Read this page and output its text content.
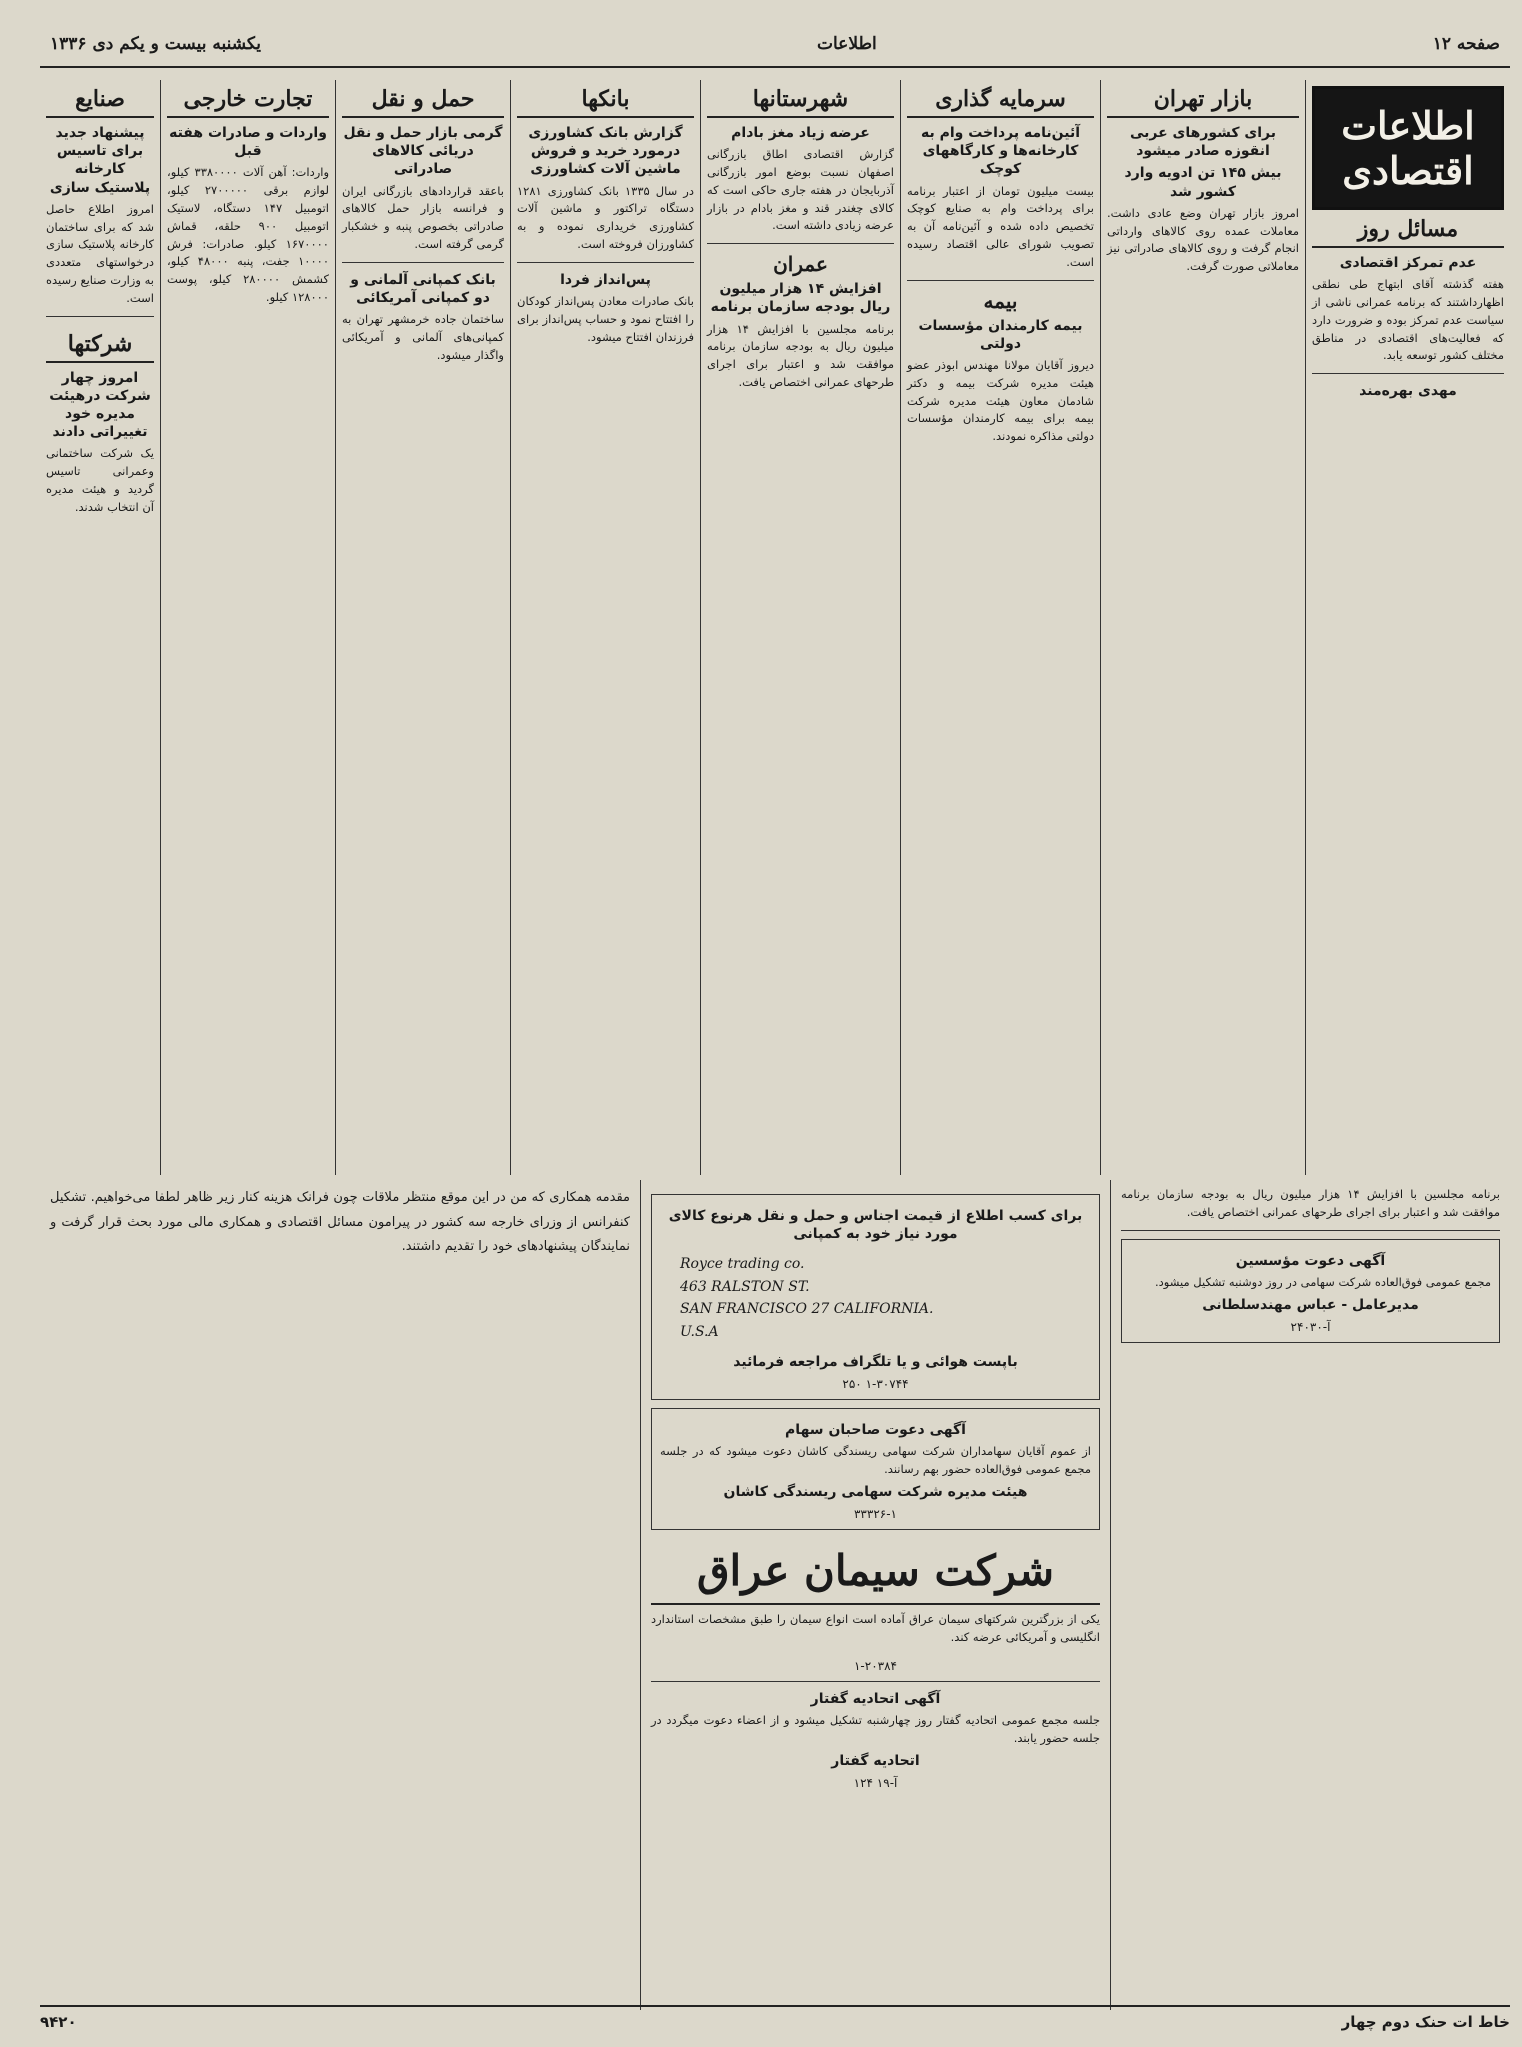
صفحه ۱۲
اطلاعات
یکشنبه بیست و یکم دی ۱۳۳۶
اطلاعات اقتصادی
مسائل روز
عدم تمرکز اقتصادی
هفته گذشته آقای ابتهاج طی نطقی اظهارداشتند که برنامه عمرانی ناشی از سیاست عدم تمرکز بوده و ضرورت دارد که فعالیت‌های اقتصادی در مناطق مختلف کشور توسعه یابد.
مهدی بهره‌مند
بازار تهران
برای کشورهای عربی انقوزه صادر میشود
بیش ۱۴۵ تن ادویه وارد کشور شد
امروز بازار تهران وضع عادی داشت. معاملات عمده روی کالاهای وارداتی انجام گرفت و روی کالاهای صادراتی نیز معاملاتی صورت گرفت.
سرمایه گذاری
آئین‌نامه پرداخت وام به کارخانه‌ها و کارگاههای کوچک
بیست میلیون تومان از اعتبار برنامه برای پرداخت وام به صنایع کوچک تخصیص داده شده و آئین‌نامه آن به تصویب شورای عالی اقتصاد رسیده است.
بیمه
بیمه کارمندان مؤسسات دولتی
دیروز آقایان مولانا مهندس ابوذر عضو هیئت مدیره شرکت بیمه و دکتر شادمان معاون هیئت مدیره شرکت بیمه برای بیمه کارمندان مؤسسات دولتی مذاکره نمودند.
شهرستانها
عرضه زیاد مغز بادام
گزارش اقتصادی اطاق بازرگانی اصفهان نسبت بوضع امور بازرگانی آذربایجان در هفته جاری حاکی است که کالای چغندر قند و مغز بادام در بازار عرضه زیادی داشته است.
عمران
افزایش ۱۴ هزار میلیون ریال بودجه سازمان برنامه
برنامه مجلسین با افزایش ۱۴ هزار میلیون ریال به بودجه سازمان برنامه موافقت شد و اعتبار برای اجرای طرحهای عمرانی اختصاص یافت.
بانکها
گزارش بانک کشاورزی درمورد خرید و فروش ماشین آلات کشاورزی
در سال ۱۳۳۵ بانک کشاورزی ۱۲۸۱ دستگاه تراکتور و ماشین آلات کشاورزی خریداری نموده و به کشاورزان فروخته است.
پس‌انداز فردا
بانک صادرات معادن پس‌انداز کودکان را افتتاح نمود و حساب پس‌انداز برای فرزندان افتتاح میشود.
حمل و نقل
گرمی بازار حمل و نقل دریائی کالاهای صادراتی
باعقد قراردادهای بازرگانی ایران و فرانسه بازار حمل کالاهای صادراتی بخصوص پنبه و خشکبار گرمی گرفته است.
بانک کمپانی آلمانی و دو کمپانی آمریکائی
ساختمان جاده خرمشهر تهران به کمپانی‌های آلمانی و آمریکائی واگذار میشود.
تجارت خارجی
واردات و صادرات هفته قبل
واردات: آهن آلات ۳۳۸۰۰۰۰ کیلو، لوازم برقی ۲۷۰۰۰۰۰ کیلو، اتومبیل ۱۴۷ دستگاه، لاستیک اتومبیل ۹۰۰ حلقه، قماش ۱۶۷۰۰۰۰ کیلو. صادرات: فرش ۱۰۰۰۰ جفت، پنبه ۴۸۰۰۰ کیلو، کشمش ۲۸۰۰۰۰ کیلو، پوست ۱۲۸۰۰۰ کیلو.
صنایع
پیشنهاد جدید برای تاسیس کارخانه پلاستیک سازی
امروز اطلاع حاصل شد که برای ساختمان کارخانه پلاستیک سازی درخواستهای متعددی به وزارت صنایع رسیده است.
شرکتها
امروز چهار شرکت درهیئت مدیره خود تغییراتی دادند
یک شرکت ساختمانی وعمرانی تاسیس گردید و هیئت مدیره آن انتخاب شدند.
برنامه مجلسین با افزایش ۱۴ هزار میلیون ریال به بودجه سازمان برنامه موافقت شد و اعتبار برای اجرای طرحهای عمرانی اختصاص یافت.
آگهی دعوت مؤسسین
مجمع عمومی فوق‌العاده شرکت سهامی در روز دوشنبه تشکیل میشود.
مدیرعامل - عباس مهندسلطانی
آ-۲۴۰۳۰
برای کسب اطلاع از قیمت اجناس و حمل و نقل هرنوع کالای مورد نیاز خود به کمپانی
Royce trading co.
463 RALSTON ST.
SAN FRANCISCO 27 CALIFORNIA.
U.S.A
باپست هوائی و یا تلگراف مراجعه فرمائید
۱-۳۰۷۴۴ ۲۵۰
آگهی دعوت صاحبان سهام
از عموم آقایان سهامداران شرکت سهامی ریسندگی کاشان دعوت میشود که در جلسه مجمع عمومی فوق‌العاده حضور بهم رسانند.
هیئت مدیره شرکت سهامی ریسندگی کاشان
۳۳۳۲۶-۱
شرکت سیمان عراق
یکی از بزرگترین شرکتهای سیمان عراق آماده است انواع سیمان را طبق مشخصات استاندارد انگلیسی و آمریکائی عرضه کند.
۱-۲۰۳۸۴
آگهی اتحادیه گفتار
جلسه مجمع عمومی اتحادیه گفتار روز چهارشنبه تشکیل میشود و از اعضاء دعوت میگردد در جلسه حضور یابند.
اتحادیه گفتار
آ-۱۹ ۱۲۴
مقدمه همکاری که من در این موقع منتظر ملاقات چون فرانک هزینه کنار زیر ظاهر لطفا می‌خواهیم. تشکیل کنفرانس از وزرای خارجه سه کشور در پیرامون مسائل اقتصادی و همکاری مالی مورد بحث قرار گرفت و نمایندگان پیشنهادهای خود را تقدیم داشتند.
خاط ات حنک دوم چهار
۹۴۲۰
